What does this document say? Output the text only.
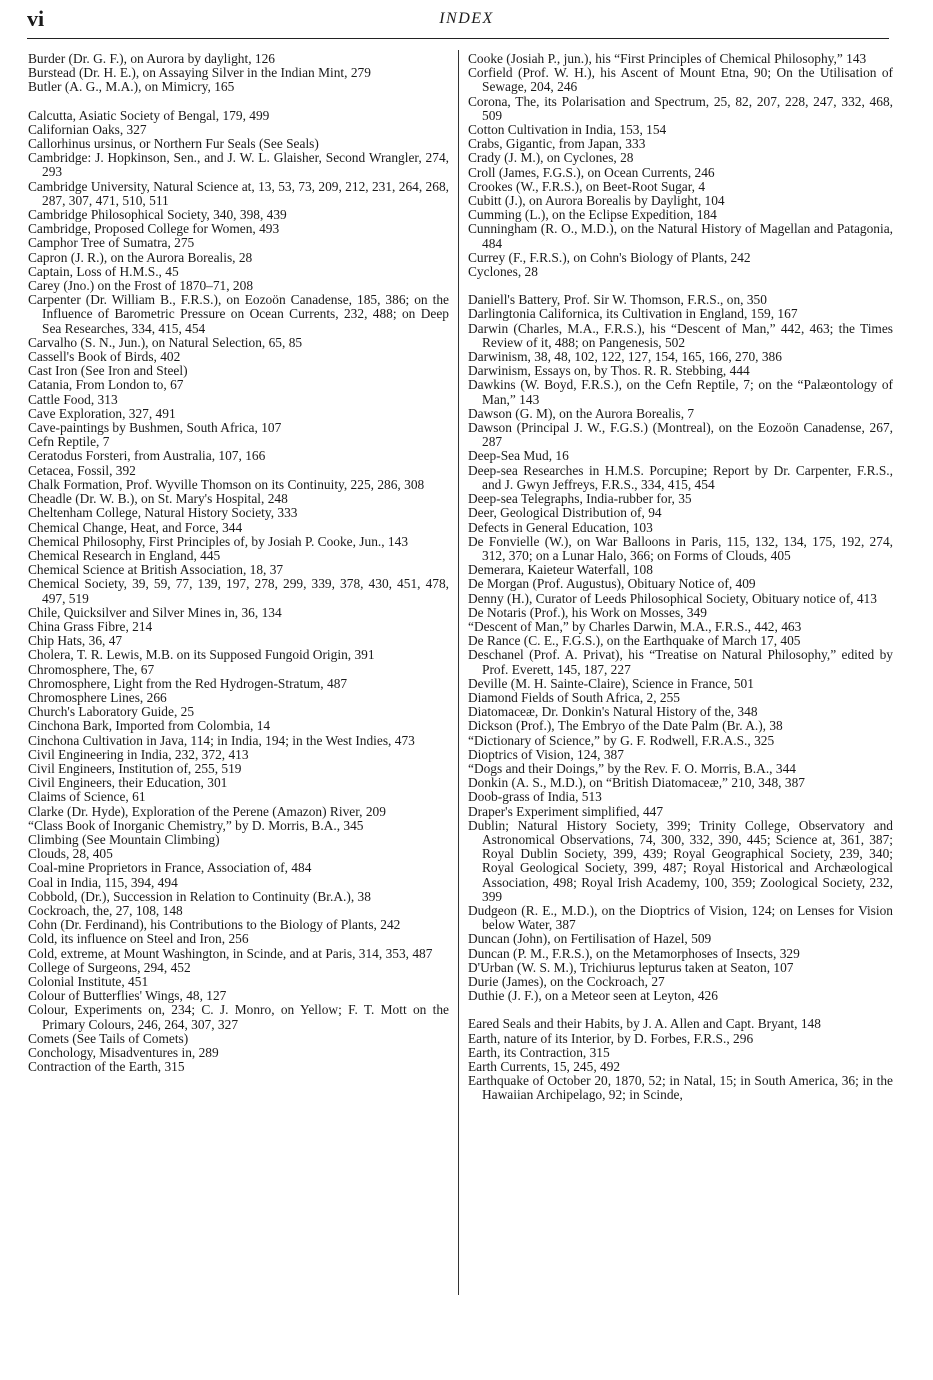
vi	INDEX
Burder (Dr. G. F.), on Aurora by daylight, 126
Burstead (Dr. H. E.), on Assaying Silver in the Indian Mint, 279
Butler (A. G., M.A.), on Mimicry, 165
Calcutta, Asiatic Society of Bengal, 179, 499
Californian Oaks, 327
Callorhinus ursinus, or Northern Fur Seals (See Seals)
Cambridge: J. Hopkinson, Sen., and J. W. L. Glaisher, Second Wrangler, 274, 293
Cambridge University, Natural Science at, 13, 53, 73, 209, 212, 231, 264, 268, 287, 307, 471, 510, 511
Cambridge Philosophical Society, 340, 398, 439
Cambridge, Proposed College for Women, 493
Camphor Tree of Sumatra, 275
Capron (J. R.), on the Aurora Borealis, 28
Captain, Loss of H.M.S., 45
Carey (Jno.) on the Frost of 1870–71, 208
Carpenter (Dr. William B., F.R.S.), on Eozoön Canadense, 185, 386; on the Influence of Barometric Pressure on Ocean Currents, 232, 488; on Deep Sea Researches, 334, 415, 454
Carvalho (S. N., Jun.), on Natural Selection, 65, 85
Cassell's Book of Birds, 402
Cast Iron (See Iron and Steel)
Catania, From London to, 67
Cattle Food, 313
Cave Exploration, 327, 491
Cave-paintings by Bushmen, South Africa, 107
Cefn Reptile, 7
Ceratodus Forsteri, from Australia, 107, 166
Cetacea, Fossil, 392
Chalk Formation, Prof. Wyville Thomson on its Continuity, 225, 286, 308
Cheadle (Dr. W. B.), on St. Mary's Hospital, 248
Cheltenham College, Natural History Society, 333
Chemical Change, Heat, and Force, 344
Chemical Philosophy, First Principles of, by Josiah P. Cooke, Jun., 143
Chemical Research in England, 445
Chemical Science at British Association, 18, 37
Chemical Society, 39, 59, 77, 139, 197, 278, 299, 339, 378, 430, 451, 478, 497, 519
Chile, Quicksilver and Silver Mines in, 36, 134
China Grass Fibre, 214
Chip Hats, 36, 47
Cholera, T. R. Lewis, M.B. on its Supposed Fungoid Origin, 391
Chromosphere, The, 67
Chromosphere, Light from the Red Hydrogen-Stratum, 487
Chromosphere Lines, 266
Church's Laboratory Guide, 25
Cinchona Bark, Imported from Colombia, 14
Cinchona Cultivation in Java, 114; in India, 194; in the West Indies, 473
Civil Engineering in India, 232, 372, 413
Civil Engineers, Institution of, 255, 519
Civil Engineers, their Education, 301
Claims of Science, 61
Clarke (Dr. Hyde), Exploration of the Perene (Amazon) River, 209
“Class Book of Inorganic Chemistry,” by D. Morris, B.A., 345
Climbing (See Mountain Climbing)
Clouds, 28, 405
Coal-mine Proprietors in France, Association of, 484
Coal in India, 115, 394, 494
Cobbold, (Dr.), Succession in Relation to Continuity (Br.A.), 38
Cockroach, the, 27, 108, 148
Cohn (Dr. Ferdinand), his Contributions to the Biology of Plants, 242
Cold, its influence on Steel and Iron, 256
Cold, extreme, at Mount Washington, in Scinde, and at Paris, 314, 353, 487
College of Surgeons, 294, 452
Colonial Institute, 451
Colour of Butterflies' Wings, 48, 127
Colour, Experiments on, 234; C. J. Monro, on Yellow; F. T. Mott on the Primary Colours, 246, 264, 307, 327
Comets (See Tails of Comets)
Conchology, Misadventures in, 289
Contraction of the Earth, 315
Cooke (Josiah P., jun.), his “First Principles of Chemical Philosophy,” 143
Corfield (Prof. W. H.), his Ascent of Mount Etna, 90; On the Utilisation of Sewage, 204, 246
Corona, The, its Polarisation and Spectrum, 25, 82, 207, 228, 247, 332, 468, 509
Cotton Cultivation in India, 153, 154
Crabs, Gigantic, from Japan, 333
Crady (J. M.), on Cyclones, 28
Croll (James, F.G.S.), on Ocean Currents, 246
Crookes (W., F.R.S.), on Beet-Root Sugar, 4
Cubitt (J.), on Aurora Borealis by Daylight, 104
Cumming (L.), on the Eclipse Expedition, 184
Cunningham (R. O., M.D.), on the Natural History of Magellan and Patagonia, 484
Currey (F., F.R.S.), on Cohn's Biology of Plants, 242
Cyclones, 28
Daniell's Battery, Prof. Sir W. Thomson, F.R.S., on, 350
Darlingtonia Californica, its Cultivation in England, 159, 167
Darwin (Charles, M.A., F.R.S.), his “Descent of Man,” 442, 463; the Times Review of it, 488; on Pangenesis, 502
Darwinism, 38, 48, 102, 122, 127, 154, 165, 166, 270, 386
Darwinism, Essays on, by Thos. R. R. Stebbing, 444
Dawkins (W. Boyd, F.R.S.), on the Cefn Reptile, 7; on the “Palæontology of Man,” 143
Dawson (G. M), on the Aurora Borealis, 7
Dawson (Principal J. W., F.G.S.) (Montreal), on the Eozoön Canadense, 267, 287
Deep-Sea Mud, 16
Deep-sea Researches in H.M.S. Porcupine; Report by Dr. Carpenter, F.R.S., and J. Gwyn Jeffreys, F.R.S., 334, 415, 454
Deep-sea Telegraphs, India-rubber for, 35
Deer, Geological Distribution of, 94
Defects in General Education, 103
De Fonvielle (W.), on War Balloons in Paris, 115, 132, 134, 175, 192, 274, 312, 370; on a Lunar Halo, 366; on Forms of Clouds, 405
Demerara, Kaieteur Waterfall, 108
De Morgan (Prof. Augustus), Obituary Notice of, 409
Denny (H.), Curator of Leeds Philosophical Society, Obituary notice of, 413
De Notaris (Prof.), his Work on Mosses, 349
“Descent of Man,” by Charles Darwin, M.A., F.R.S., 442, 463
De Rance (C. E., F.G.S.), on the Earthquake of March 17, 405
Deschanel (Prof. A. Privat), his “Treatise on Natural Philosophy,” edited by Prof. Everett, 145, 187, 227
Deville (M. H. Sainte-Claire), Science in France, 501
Diamond Fields of South Africa, 2, 255
Diatomaceæ, Dr. Donkin's Natural History of the, 348
Dickson (Prof.), The Embryo of the Date Palm (Br. A.), 38
“Dictionary of Science,” by G. F. Rodwell, F.R.A.S., 325
Dioptrics of Vision, 124, 387
“Dogs and their Doings,” by the Rev. F. O. Morris, B.A., 344
Donkin (A. S., M.D.), on “British Diatomaceæ,” 210, 348, 387
Doob-grass of India, 513
Draper's Experiment simplified, 447
Dublin; Natural History Society, 399; Trinity College, Observatory and Astronomical Observations, 74, 300, 332, 390, 445; Science at, 361, 387; Royal Dublin Society, 399, 439; Royal Geographical Society, 239, 340; Royal Geological Society, 399, 487; Royal Historical and Archæological Association, 498; Royal Irish Academy, 100, 359; Zoological Society, 232, 399
Dudgeon (R. E., M.D.), on the Dioptrics of Vision, 124; on Lenses for Vision below Water, 387
Duncan (John), on Fertilisation of Hazel, 509
Duncan (P. M., F.R.S.), on the Metamorphoses of Insects, 329
D'Urban (W. S. M.), Trichiurus lepturus taken at Seaton, 107
Durie (James), on the Cockroach, 27
Duthie (J. F.), on a Meteor seen at Leyton, 426
Eared Seals and their Habits, by J. A. Allen and Capt. Bryant, 148
Earth, nature of its Interior, by D. Forbes, F.R.S., 296
Earth, its Contraction, 315
Earth Currents, 15, 245, 492
Earthquake of October 20, 1870, 52; in Natal, 15; in South America, 36; in the Hawaiian Archipelago, 92; in Scinde,
